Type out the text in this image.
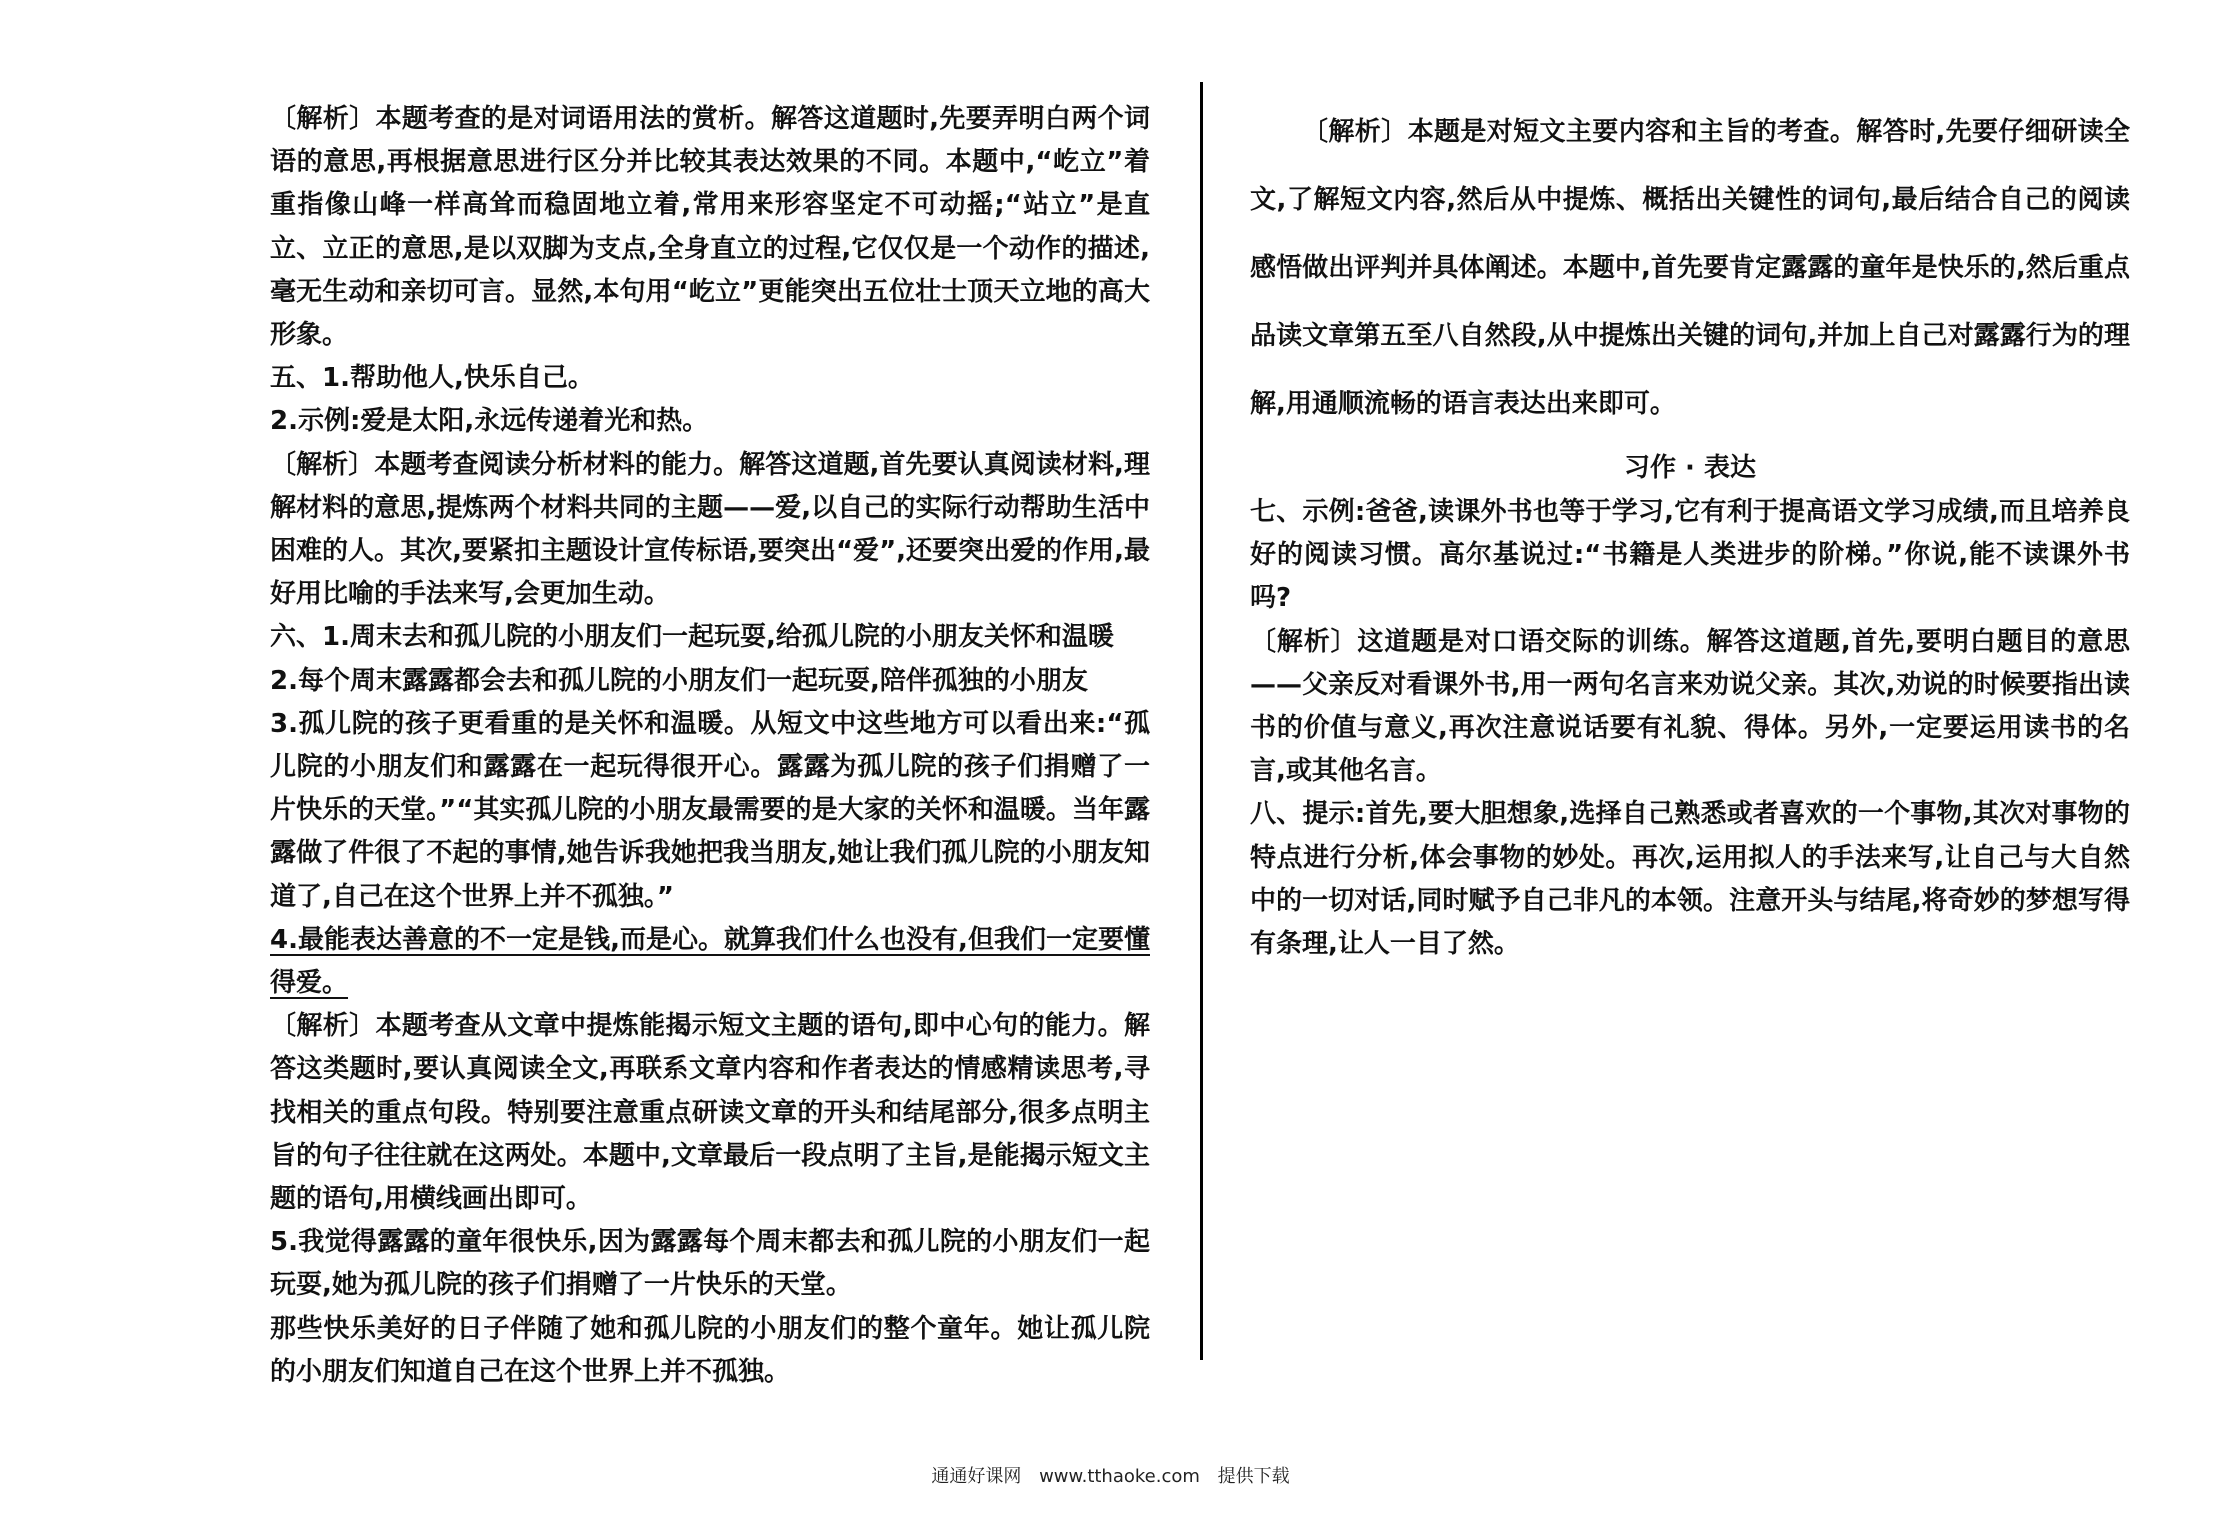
〔解析〕本题考查的是对词语用法的赏析。解答这道题时,先要弄明白两个词语的意思,再根据意思进行区分并比较其表达效果的不同。本题中,“屹立”着重指像山峰一样高耸而稳固地立着,常用来形容坚定不可动摇;“站立”是直立、立正的意思,是以双脚为支点,全身直立的过程,它仅仅是一个动作的描述,毫无生动和亲切可言。显然,本句用“屹立”更能突出五位壮士顶天立地的高大形象。

五、1.帮助他人,快乐自己。

2.示例:爱是太阳,永远传递着光和热。

〔解析〕本题考查阅读分析材料的能力。解答这道题,首先要认真阅读材料,理解材料的意思,提炼两个材料共同的主题——爱,以自己的实际行动帮助生活中困难的人。其次,要紧扣主题设计宣传标语,要突出“爱”,还要突出爱的作用,最好用比喻的手法来写,会更加生动。

六、1.周末去和孤儿院的小朋友们一起玩耍,给孤儿院的小朋友关怀和温暖

2.每个周末露露都会去和孤儿院的小朋友们一起玩耍,陪伴孤独的小朋友

3.孤儿院的孩子更看重的是关怀和温暖。从短文中这些地方可以看出来:“孤儿院的小朋友们和露露在一起玩得很开心。露露为孤儿院的孩子们捐赠了一片快乐的天堂。”“其实孤儿院的小朋友最需要的是大家的关怀和温暖。当年露露做了件很了不起的事情,她告诉我她把我当朋友,她让我们孤儿院的小朋友知道了,自己在这个世界上并不孤独。”

4.最能表达善意的不一定是钱,而是心。就算我们什么也没有,但我们一定要懂得爱。

〔解析〕本题考查从文章中提炼能揭示短文主题的语句,即中心句的能力。解答这类题时,要认真阅读全文,再联系文章内容和作者表达的情感精读思考,寻找相关的重点句段。特别要注意重点研读文章的开头和结尾部分,很多点明主旨的句子往往就在这两处。本题中,文章最后一段点明了主旨,是能揭示短文主题的语句,用横线画出即可。

5.我觉得露露的童年很快乐,因为露露每个周末都去和孤儿院的小朋友们一起玩耍,她为孤儿院的孩子们捐赠了一片快乐的天堂。

那些快乐美好的日子伴随了她和孤儿院的小朋友们的整个童年。她让孤儿院的小朋友们知道自己在这个世界上并不孤独。

〔解析〕本题是对短文主要内容和主旨的考查。解答时,先要仔细研读全文,了解短文内容,然后从中提炼、概括出关键性的词句,最后结合自己的阅读感悟做出评判并具体阐述。本题中,首先要肯定露露的童年是快乐的,然后重点品读文章第五至八自然段,从中提炼出关键的词句,并加上自己对露露行为的理解,用通顺流畅的语言表达出来即可。

习作 · 表达

七、示例:爸爸,读课外书也等于学习,它有利于提高语文学习成绩,而且培养良好的阅读习惯。高尔基说过:“书籍是人类进步的阶梯。”你说,能不读课外书吗?

〔解析〕这道题是对口语交际的训练。解答这道题,首先,要明白题目的意思——父亲反对看课外书,用一两句名言来劝说父亲。其次,劝说的时候要指出读书的价值与意义,再次注意说话要有礼貌、得体。另外,一定要运用读书的名言,或其他名言。

八、提示:首先,要大胆想象,选择自己熟悉或者喜欢的一个事物,其次对事物的特点进行分析,体会事物的妙处。再次,运用拟人的手法来写,让自己与大自然中的一切对话,同时赋予自己非凡的本领。注意开头与结尾,将奇妙的梦想写得有条理,让人一目了然。

通通好课网 www.tthaoke.com 提供下载
